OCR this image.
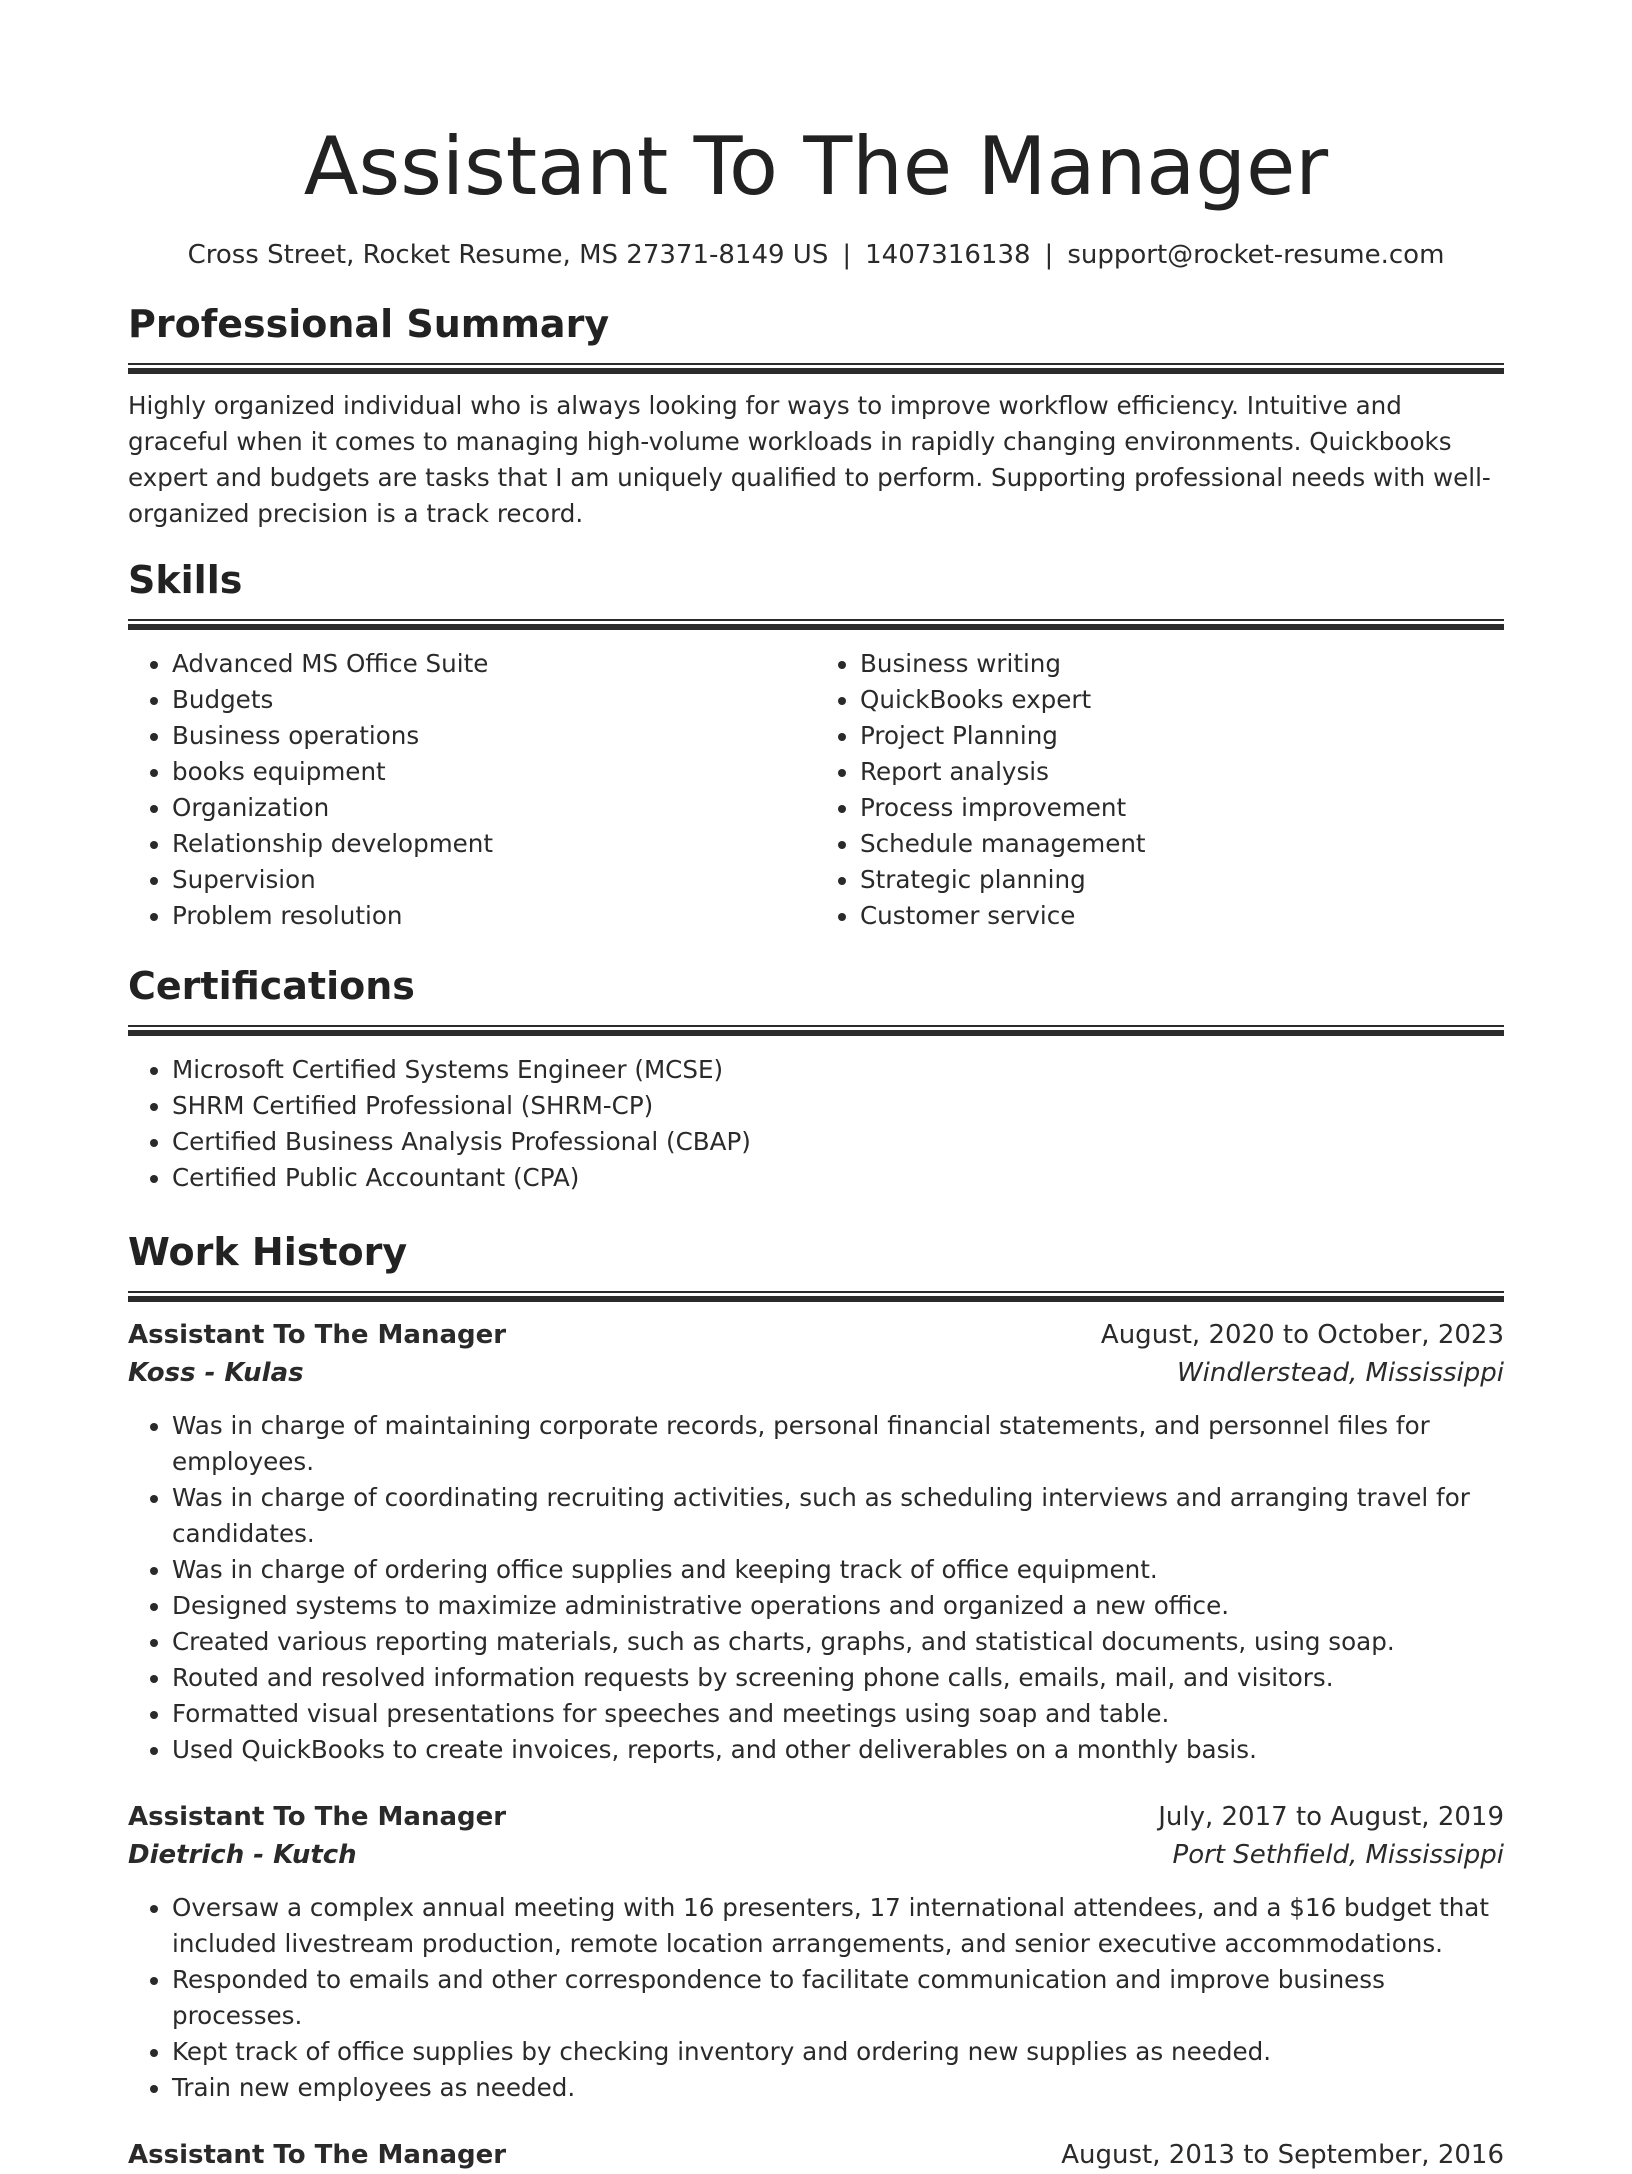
Assistant To The Manager
Cross Street, Rocket Resume, MS 27371-8149 US | 1407316138 | support@rocket-resume.com
Professional Summary
Highly organized individual who is always looking for ways to improve workflow efficiency. Intuitive and graceful when it comes to managing high-volume workloads in rapidly changing environments. Quickbooks expert and budgets are tasks that I am uniquely qualified to perform. Supporting professional needs with well-organized precision is a track record.
Skills
• Advanced MS Office Suite
• Budgets
• Business operations
• books equipment
• Organization
• Relationship development
• Supervision
• Problem resolution
• Business writing
• QuickBooks expert
• Project Planning
• Report analysis
• Process improvement
• Schedule management
• Strategic planning
• Customer service
Certifications
• Microsoft Certified Systems Engineer (MCSE)
• SHRM Certified Professional (SHRM-CP)
• Certified Business Analysis Professional (CBAP)
• Certified Public Accountant (CPA)
Work History
Assistant To The Manager	August, 2020 to October, 2023
Koss - Kulas	Windlerstead, Mississippi
• Was in charge of maintaining corporate records, personal financial statements, and personnel files for employees.
• Was in charge of coordinating recruiting activities, such as scheduling interviews and arranging travel for candidates.
• Was in charge of ordering office supplies and keeping track of office equipment.
• Designed systems to maximize administrative operations and organized a new office.
• Created various reporting materials, such as charts, graphs, and statistical documents, using soap.
• Routed and resolved information requests by screening phone calls, emails, mail, and visitors.
• Formatted visual presentations for speeches and meetings using soap and table.
• Used QuickBooks to create invoices, reports, and other deliverables on a monthly basis.
Assistant To The Manager	July, 2017 to August, 2019
Dietrich - Kutch	Port Sethfield, Mississippi
• Oversaw a complex annual meeting with 16 presenters, 17 international attendees, and a $16 budget that included livestream production, remote location arrangements, and senior executive accommodations.
• Responded to emails and other correspondence to facilitate communication and improve business processes.
• Kept track of office supplies by checking inventory and ordering new supplies as needed.
• Train new employees as needed.
Assistant To The Manager	August, 2013 to September, 2016
